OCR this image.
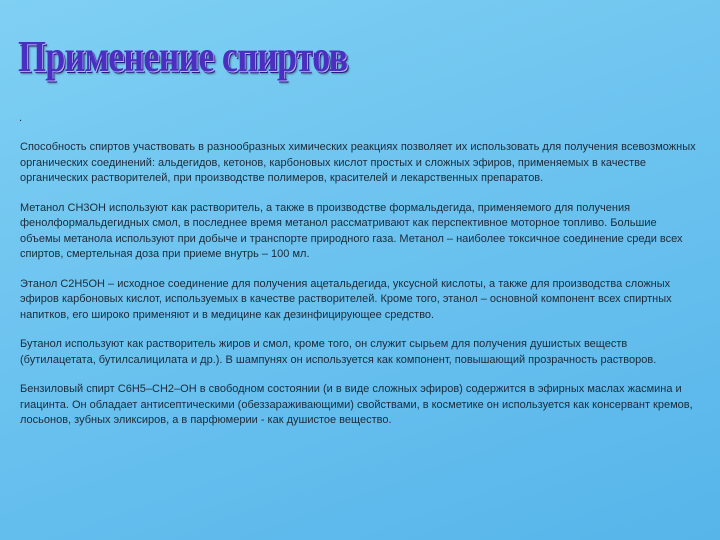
Применение спиртов
.

Способность спиртов участвовать в разнообразных химических реакциях позволяет их использовать для получения всевозможных органических соединений: альдегидов, кетонов, карбоновых кислот простых и сложных эфиров, применяемых в качестве органических растворителей, при производстве полимеров, красителей и лекарственных препаратов.

Метанол СН3ОН используют как растворитель, а также в производстве формальдегида, применяемого для получения фенолформальдегидных смол, в последнее время метанол рассматривают как перспективное моторное топливо. Большие объемы метанола используют при добыче и транспорте природного газа. Метанол – наиболее токсичное соединение среди всех спиртов, смертельная доза при приеме внутрь – 100 мл.

Этанол С2Н5ОН – исходное соединение для получения ацетальдегида, уксусной кислоты, а также для производства сложных эфиров карбоновых кислот, используемых в качестве растворителей. Кроме того, этанол – основной компонент всех спиртных напитков, его широко применяют и в медицине как дезинфицирующее средство.

Бутанол используют как растворитель жиров и смол, кроме того, он служит сырьем для получения душистых веществ (бутилацетата, бутилсалицилата и др.). В шампунях он используется как компонент, повышающий прозрачность растворов.

Бензиловый спирт С6Н5–СН2–ОН в свободном состоянии (и в виде сложных эфиров) содержится в эфирных маслах жасмина и гиацинта. Он обладает антисептическими (обеззараживающими) свойствами, в косметике он используется как консервант кремов, лосьонов, зубных эликсиров, а в парфюмерии - как душистое вещество.
